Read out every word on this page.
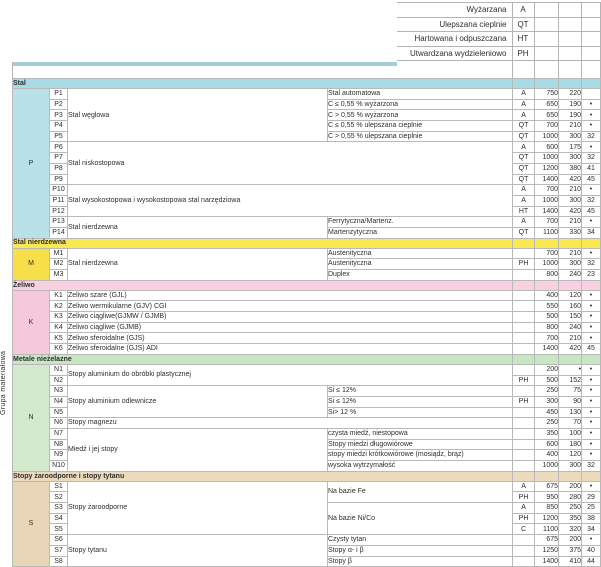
Wyżarzana	A			
Ulepszana cieplnie	QT			
Hartowana i odpuszczana	HT			
Utwardzana wydzieleniowo	PH			

Grupa materiałowa
Stal							
P	P1	Stal węglowa	Stal automatowa	A	750	220	
	P2		C ≤ 0,55 % wyżarzona	A	650	190	•
	P3		C > 0,55 % wyżarzona	A	650	190	•
	P4		C ≤ 0,55 % ulepszana cieplnie	QT	700	210	•
	P5		C > 0,55 % ulepszana cieplnie	QT	1000	300	32
	P6	Stal niskostopowa		A	600	175	•
	P7			QT	1000	300	32
	P8			QT	1200	380	41
	P9			QT	1400	420	45
	P10	Stal wysokostopowa i wysokostopowa stal narzędziowa		A	700	210	•
	P11			A	1000	300	32
	P12			HT	1400	420	45
	P13	Stal nierdzewna	Ferrytyczna/Martenz.	A	700	210	•
	P14		Martenzytyczna	QT	1100	330	34
Stal nierdzewna							
M	M1	Stal nierdzewna	Austenityczna		700	210	•
	M2		Austenityczna	PH	1000	300	32
	M3		Duplex		800	240	23
Żeliwo							
K	K1	Żeliwo szare (GJL)			400	120	•
	K2	Żeliwo wermikularne (GJV) CGI			550	160	•
	K3	Żeliwo ciągliwe(GJMW / GJMB)			500	150	•
	K4	Żeliwo ciągliwe (GJMB)			800	240	•
	K5	Żeliwo sferoidalne (GJS)			700	210	•
	K6	Żeliwo sferoidalne (GJS) ADI			1400	420	45
Metale nieżelazne							
N	N1	Stopy aluminium do obróbki plastycznej			200	•	•
	N2			PH	500	152	•
	N3	Stopy aluminium odlewnicze	Si ≤ 12%		250	75	•
	N4		Si ≤ 12%	PH	300	90	•
	N5		Si> 12 %		450	130	•
	N6	Stopy magnezu			250	70	•
	N7	Miedź i jej stopy	czysta miedź, niestopowa		350	100	•
	N8		Stopy miedzi długowiórowe		600	180	•
	N9		stopy miedzi krótkowiórowe (mosiądz, brąz)		400	120	•
	N10		wysoka wytrzymałość		1000	300	32
Stopy żaroodporne i stopy tytanu							
S	S1	Stopy żaroodporne	Na bazie Fe	A	675	200	•
	S2			PH	950	280	29
	S3		Na bazie Ni/Co	A	850	250	25
	S4			PH	1200	350	38
	S5			C	1100	320	34
	S6	Stopy tytanu	Czysty tytan		675	200	•
	S7		Stopy α- i β		1250	375	40
	S8		Stopy β		1400	410	44
